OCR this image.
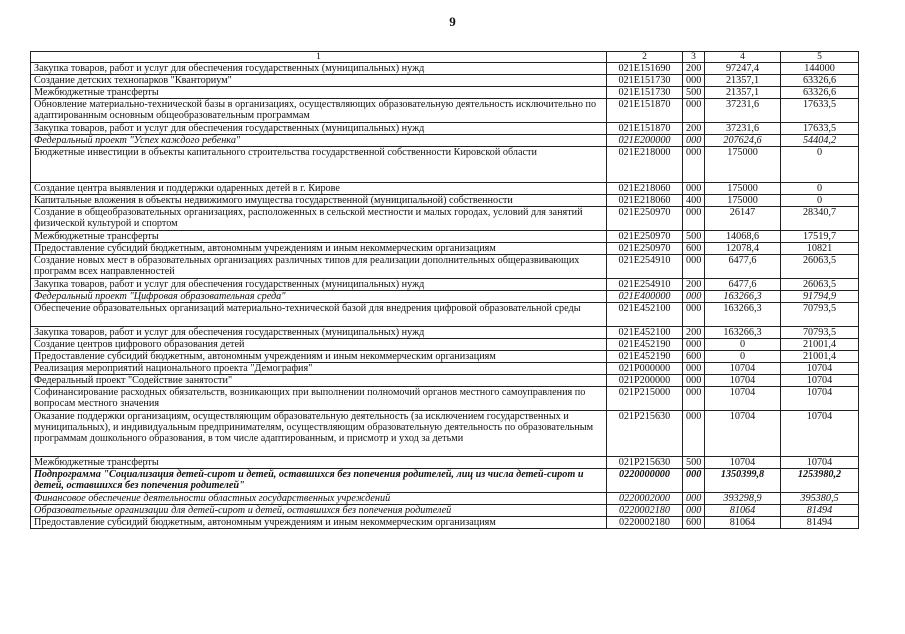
9
1	2	3	4	5
Закупка товаров, работ и услуг для обеспечения государственных (муниципальных) нужд	021E151690	200	97247,4	144000
Создание детских технопарков "Кванториум"	021E151730	000	21357,1	63326,6
Межбюджетные трансферты	021E151730	500	21357,1	63326,6
Обновление материально-технической базы в организациях, осуществляющих образовательную деятельность исключительно по адаптированным основным общеобразовательным программам	021E151870	000	37231,6	17633,5
Закупка товаров, работ и услуг для обеспечения государственных (муниципальных) нужд	021E151870	200	37231,6	17633,5
Федеральный проект "Успех каждого ребенка"	021E200000	000	207624,6	54404,2
Бюджетные инвестиции в объекты капитального строительства государственной собственности Кировской области	021E218000	000	175000	0
Создание центра выявления и поддержки одаренных детей в г. Кирове	021E218060	000	175000	0
Капитальные вложения в объекты недвижимого имущества государственной (муниципальной) собственности	021E218060	400	175000	0
Создание в общеобразовательных организациях, расположенных в сельской местности и малых городах, условий для занятий физической культурой и спортом	021E250970	000	26147	28340,7
Межбюджетные трансферты	021E250970	500	14068,6	17519,7
Предоставление субсидий бюджетным, автономным учреждениям и иным некоммерческим организациям	021E250970	600	12078,4	10821
Создание новых мест в образовательных организациях различных типов для реализации дополнительных общеразвивающих программ всех направленностей	021E254910	000	6477,6	26063,5
Закупка товаров, работ и услуг для обеспечения государственных (муниципальных) нужд	021E254910	200	6477,6	26063,5
Федеральный проект "Цифровая образовательная среда"	021E400000	000	163266,3	91794,9
Обеспечение образовательных организаций материально-технической базой для внедрения цифровой образовательной среды	021E452100	000	163266,3	70793,5
Закупка товаров, работ и услуг для обеспечения государственных (муниципальных) нужд	021E452100	200	163266,3	70793,5
Создание центров цифрового образования детей	021E452190	000	0	21001,4
Предоставление субсидий бюджетным, автономным учреждениям и иным некоммерческим организациям	021E452190	600	0	21001,4
Реализация мероприятий национального проекта "Демография"	021P000000	000	10704	10704
Федеральный проект "Содействие занятости"	021P200000	000	10704	10704
Софинансирование расходных обязательств, возникающих при выполнении полномочий органов местного самоуправления по вопросам местного значения	021P215000	000	10704	10704
Оказание поддержки организациям, осуществляющим образовательную деятельность (за исключением государственных и муниципальных), и индивидуальным предпринимателям, осуществляющим образовательную деятельность по образовательным программам дошкольного образования, в том числе адаптированным, и присмотр и уход за детьми	021P215630	000	10704	10704
Межбюджетные трансферты	021P215630	500	10704	10704
Подпрограмма "Социализация детей-сирот и детей, оставшихся без попечения родителей, лиц из числа детей-сирот и детей, оставшихся без попечения родителей"	0220000000	000	1350399,8	1253980,2
Финансовое обеспечение деятельности областных государственных учреждений	0220002000	000	393298,9	395380,5
Образовательные организации для детей-сирот и детей, оставшихся без попечения родителей	0220002180	000	81064	81494
Предоставление субсидий бюджетным, автономным учреждениям и иным некоммерческим организациям	0220002180	600	81064	81494
